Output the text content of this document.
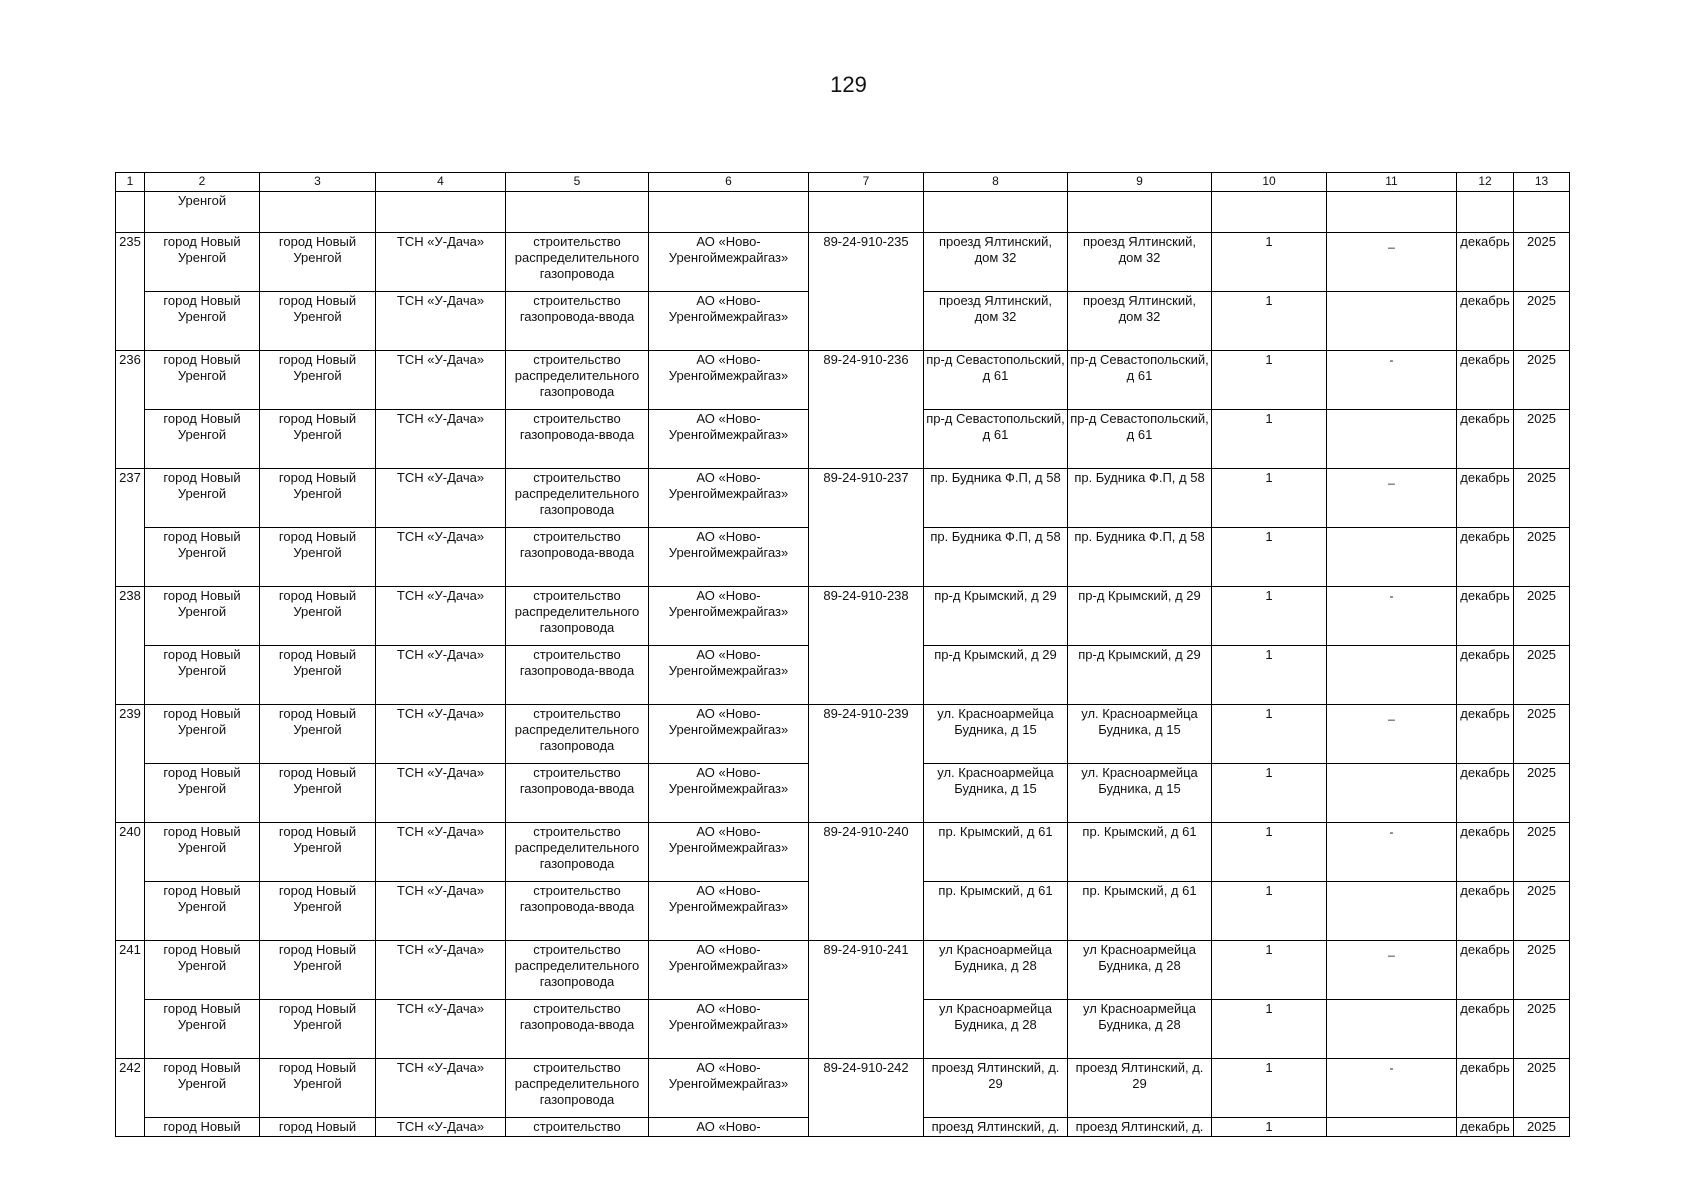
129
1	2	3	4	5	6	7	8	9	10	11	12	13
	Уренгой											
235	город Новый Уренгой	город Новый Уренгой	ТСН «У-Дача»	строительство распределительного газопровода	АО «Ново-Уренгоймежрайгаз»	89-24-910-235	проезд Ялтинский, дом 32	проезд Ялтинский, дом 32	1	_	декабрь	2025
	город Новый Уренгой	город Новый Уренгой	ТСН «У-Дача»	строительство газопровода-ввода	АО «Ново-Уренгоймежрайгаз»		проезд Ялтинский, дом 32	проезд Ялтинский, дом 32	1		декабрь	2025
236	город Новый Уренгой	город Новый Уренгой	ТСН «У-Дача»	строительство распределительного газопровода	АО «Ново-Уренгоймежрайгаз»	89-24-910-236	пр-д Севастопольский, д 61	пр-д Севастопольский, д 61	1	-	декабрь	2025
	город Новый Уренгой	город Новый Уренгой	ТСН «У-Дача»	строительство газопровода-ввода	АО «Ново-Уренгоймежрайгаз»		пр-д Севастопольский, д 61	пр-д Севастопольский, д 61	1		декабрь	2025
237	город Новый Уренгой	город Новый Уренгой	ТСН «У-Дача»	строительство распределительного газопровода	АО «Ново-Уренгоймежрайгаз»	89-24-910-237	пр. Будника Ф.П, д 58	пр. Будника Ф.П, д 58	1	_	декабрь	2025
	город Новый Уренгой	город Новый Уренгой	ТСН «У-Дача»	строительство газопровода-ввода	АО «Ново-Уренгоймежрайгаз»		пр. Будника Ф.П, д 58	пр. Будника Ф.П, д 58	1		декабрь	2025
238	город Новый Уренгой	город Новый Уренгой	ТСН «У-Дача»	строительство распределительного газопровода	АО «Ново-Уренгоймежрайгаз»	89-24-910-238	пр-д Крымский, д 29	пр-д Крымский, д 29	1	-	декабрь	2025
	город Новый Уренгой	город Новый Уренгой	ТСН «У-Дача»	строительство газопровода-ввода	АО «Ново-Уренгоймежрайгаз»		пр-д Крымский, д 29	пр-д Крымский, д 29	1		декабрь	2025
239	город Новый Уренгой	город Новый Уренгой	ТСН «У-Дача»	строительство распределительного газопровода	АО «Ново-Уренгоймежрайгаз»	89-24-910-239	ул. Красноармейца Будника, д 15	ул. Красноармейца Будника, д 15	1	_	декабрь	2025
	город Новый Уренгой	город Новый Уренгой	ТСН «У-Дача»	строительство газопровода-ввода	АО «Ново-Уренгоймежрайгаз»		ул. Красноармейца Будника, д 15	ул. Красноармейца Будника, д 15	1		декабрь	2025
240	город Новый Уренгой	город Новый Уренгой	ТСН «У-Дача»	строительство распределительного газопровода	АО «Ново-Уренгоймежрайгаз»	89-24-910-240	пр. Крымский, д 61	пр. Крымский, д 61	1	-	декабрь	2025
	город Новый Уренгой	город Новый Уренгой	ТСН «У-Дача»	строительство газопровода-ввода	АО «Ново-Уренгоймежрайгаз»		пр. Крымский, д 61	пр. Крымский, д 61	1		декабрь	2025
241	город Новый Уренгой	город Новый Уренгой	ТСН «У-Дача»	строительство распределительного газопровода	АО «Ново-Уренгоймежрайгаз»	89-24-910-241	ул Красноармейца Будника, д 28	ул Красноармейца Будника, д 28	1	_	декабрь	2025
	город Новый Уренгой	город Новый Уренгой	ТСН «У-Дача»	строительство газопровода-ввода	АО «Ново-Уренгоймежрайгаз»		ул Красноармейца Будника, д 28	ул Красноармейца Будника, д 28	1		декабрь	2025
242	город Новый Уренгой	город Новый Уренгой	ТСН «У-Дача»	строительство распределительного газопровода	АО «Ново-Уренгоймежрайгаз»	89-24-910-242	проезд Ялтинский, д. 29	проезд Ялтинский, д. 29	1	-	декабрь	2025
	город Новый	город Новый	ТСН «У-Дача»	строительство	АО «Ново-		проезд Ялтинский, д.	проезд Ялтинский, д.	1		декабрь	2025
